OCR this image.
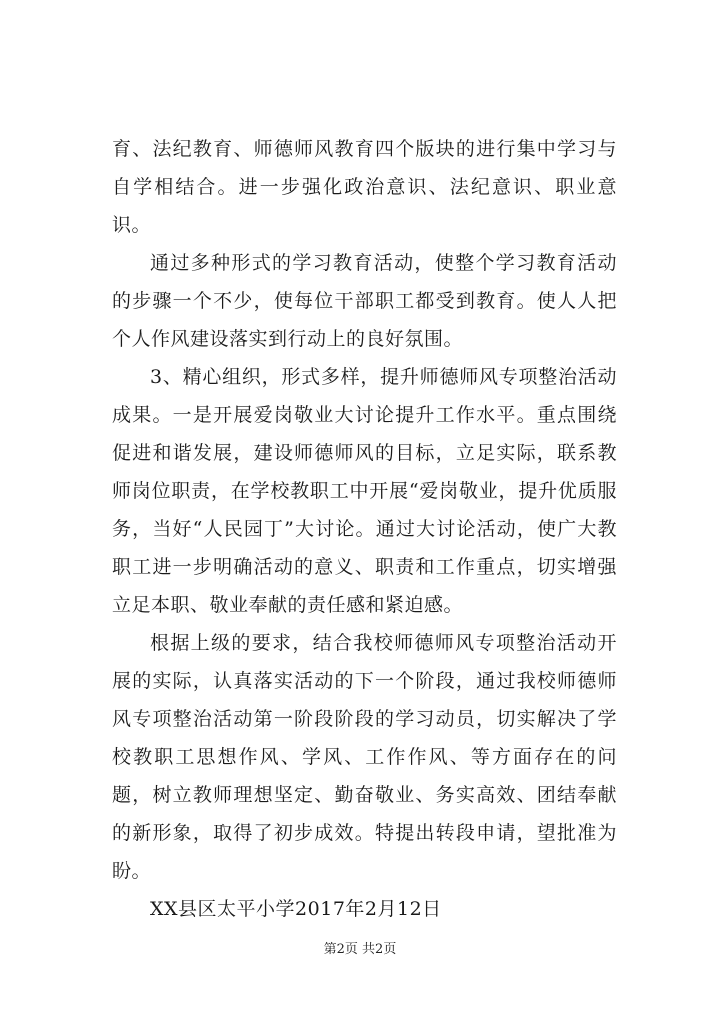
育、法纪教育、师德师风教育四个版块的进行集中学习与自学相结合。进一步强化政治意识、法纪意识、职业意识。

通过多种形式的学习教育活动，使整个学习教育活动的步骤一个不少，使每位干部职工都受到教育。使人人把个人作风建设落实到行动上的良好氛围。

3、精心组织，形式多样，提升师德师风专项整治活动成果。一是开展爱岗敬业大讨论提升工作水平。重点围绕促进和谐发展，建设师德师风的目标，立足实际，联系教师岗位职责，在学校教职工中开展“爱岗敬业，提升优质服务，当好“人民园丁”大讨论。通过大讨论活动，使广大教职工进一步明确活动的意义、职责和工作重点，切实增强立足本职、敬业奉献的责任感和紧迫感。

根据上级的要求，结合我校师德师风专项整治活动开展的实际，认真落实活动的下一个阶段，通过我校师德师风专项整治活动第一阶段阶段的学习动员，切实解决了学校教职工思想作风、学风、工作作风、等方面存在的问题，树立教师理想坚定、勤奋敬业、务实高效、团结奉献的新形象，取得了初步成效。特提出转段申请，望批准为盼。

XX县区太平小学2017年2月12日

第2页 共2页
